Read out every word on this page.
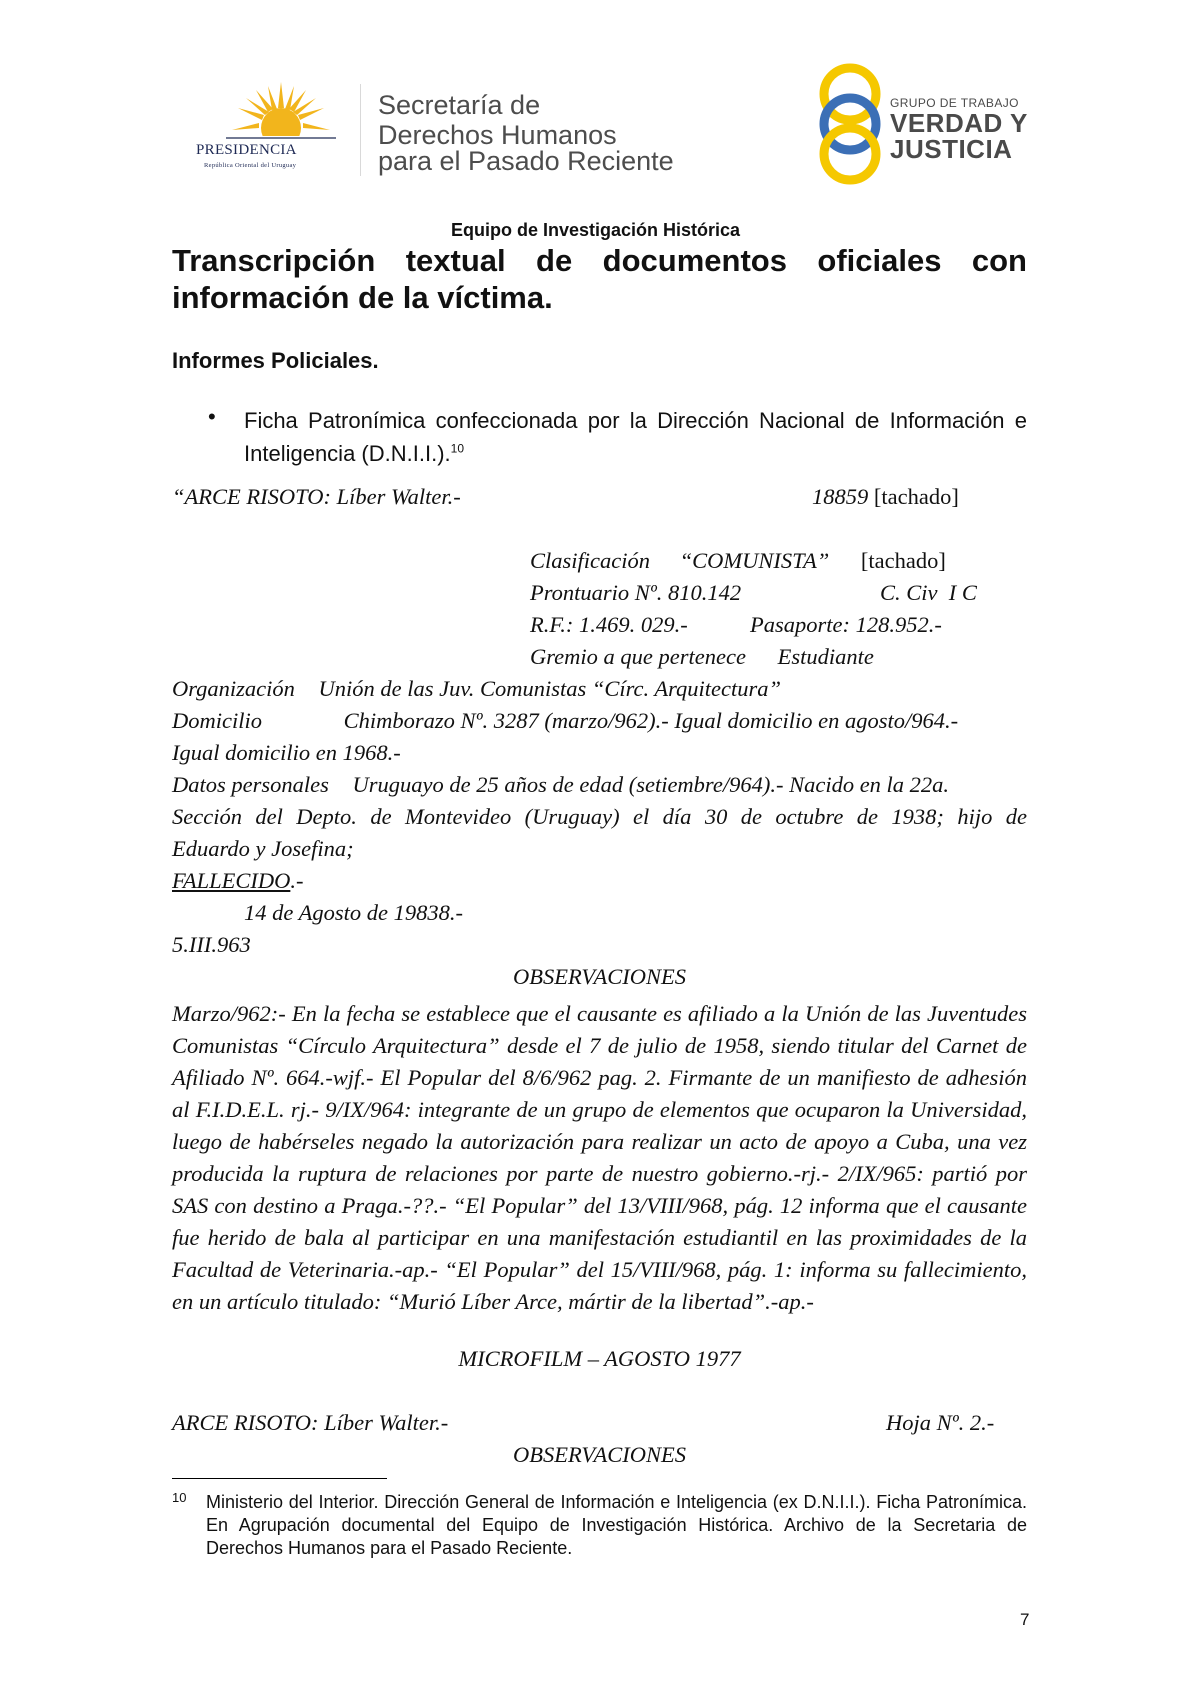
PRESIDENCIA
República Oriental del Uruguay
Secretaría de
Derechos Humanos
para el Pasado Reciente
GRUPO DE TRABAJO
VERDAD Y
JUSTICIA
Equipo de Investigación Histórica
Transcripción textual de documentos oficiales con información de la víctima.
Informes Policiales.
• Ficha Patronímica confeccionada por la Dirección Nacional de Información e Inteligencia (D.N.I.I.).$^{10}$
“ARCE RISOTO: Líber Walter.-	18859 [tachado]
Clasificación “COMUNISTA” [tachado]
Prontuario Nº. 810.142	C. Civ  I C
R.F.: 1.469. 029.-	Pasaporte: 128.952.-
Gremio a que pertenece Estudiante
Organización Unión de las Juv. Comunistas “Círc. Arquitectura”
Domicilio	Chimborazo Nº. 3287 (marzo/962).- Igual domicilio en agosto/964.-
Igual domicilio en 1968.-
Datos personales Uruguayo de 25 años de edad (setiembre/964).- Nacido en la 22a.
Sección del Depto. de Montevideo (Uruguay) el día 30 de octubre de 1938; hijo de
Eduardo y Josefina;
FALLECIDO.-
14 de Agosto de 19838.-
5.III.963
OBSERVACIONES
Marzo/962:- En la fecha se establece que el causante es afiliado a la Unión de las Juventudes Comunistas “Círculo Arquitectura” desde el 7 de julio de 1958, siendo titular del Carnet de Afiliado Nº. 664.-wjf.- El Popular del 8/6/962 pag. 2. Firmante de un manifiesto de adhesión al F.I.D.E.L. rj.- 9/IX/964: integrante de un grupo de elementos que ocuparon la Universidad, luego de habérseles negado la autorización para realizar un acto de apoyo a Cuba, una vez producida la ruptura de relaciones por parte de nuestro gobierno.-rj.- 2/IX/965: partió por SAS con destino a Praga.-??.- “El Popular” del 13/VIII/968, pág. 12 informa que el causante fue herido de bala al participar en una manifestación estudiantil en las proximidades de la Facultad de Veterinaria.-ap.- “El Popular” del 15/VIII/968, pág. 1: informa su fallecimiento, en un artículo titulado: “Murió Líber Arce, mártir de la libertad”.-ap.-
MICROFILM – AGOSTO 1977
ARCE RISOTO: Líber Walter.-	Hoja Nº. 2.-
OBSERVACIONES
10 Ministerio del Interior. Dirección General de Información e Inteligencia (ex D.N.I.I.). Ficha Patronímica. En Agrupación documental del Equipo de Investigación Histórica. Archivo de la Secretaria de Derechos Humanos para el Pasado Reciente.
7
